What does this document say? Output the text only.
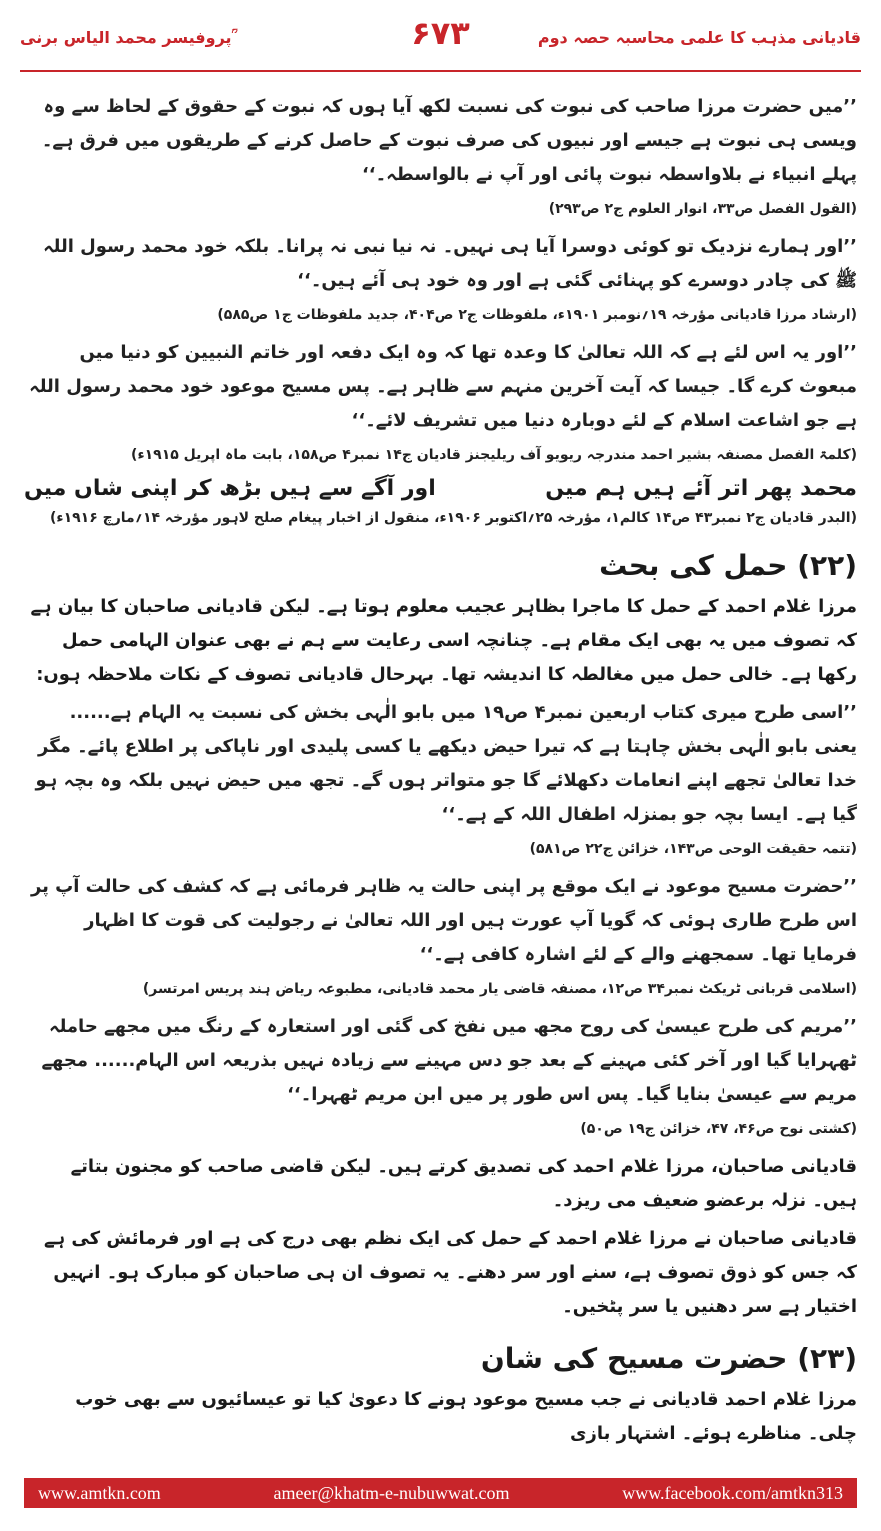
پروفیسر محمد الیاس برنی ؒ	۶۷۳	قادیانی مذہب کا علمی محاسبہ حصہ دوم

’’میں حضرت مرزا صاحب کی نبوت کی نسبت لکھ آیا ہوں کہ نبوت کے حقوق کے لحاظ سے وہ ویسی ہی نبوت ہے جیسے اور نبیوں کی صرف نبوت کے حاصل کرنے کے طریقوں میں فرق ہے۔ پہلے انبیاء نے بلاواسطہ نبوت پائی اور آپ نے بالواسطہ۔‘‘

(القول الفصل ص۳۳، انوار العلوم ج۲ ص۲۹۳)

’’اور ہمارے نزدیک تو کوئی دوسرا آیا ہی نہیں۔ نہ نیا نبی نہ پرانا۔ بلکہ خود محمد رسول اللہ ﷺ کی چادر دوسرے کو پہنائی گئی ہے اور وہ خود ہی آئے ہیں۔‘‘

(ارشاد مرزا قادیانی مؤرخہ ۱۹؍نومبر ۱۹۰۱ء، ملفوظات ج۲ ص۴۰۴، جدید ملفوظات ج۱ ص۵۸۵)

’’اور یہ اس لئے ہے کہ اللہ تعالیٰ کا وعدہ تھا کہ وہ ایک دفعہ اور خاتم النبیین کو دنیا میں مبعوث کرے گا۔ جیسا کہ آیت آخرین منہم سے ظاہر ہے۔ پس مسیح موعود خود محمد رسول اللہ ہے جو اشاعت اسلام کے لئے دوبارہ دنیا میں تشریف لائے۔‘‘

(کلمۃ الفصل مصنفہ بشیر احمد مندرجہ ریویو آف ریلیجنز قادیان ج۱۴ نمبر۴ ص۱۵۸، بابت ماہ اپریل ۱۹۱۵ء)

محمد پھر اتر آئے ہیں ہم میں
اور آگے سے ہیں بڑھ کر اپنی شاں میں

(البدر قادیان ج۲ نمبر۴۳ ص۱۴ کالم۱، مؤرخہ ۲۵؍اکتوبر ۱۹۰۶ء، منقول از اخبار پیغام صلح لاہور مؤرخہ ۱۴؍مارچ ۱۹۱۶ء)

(۲۲) حمل کی بحث

مرزا غلام احمد کے حمل کا ماجرا بظاہر عجیب معلوم ہوتا ہے۔ لیکن قادیانی صاحبان کا بیان ہے کہ تصوف میں یہ بھی ایک مقام ہے۔ چنانچہ اسی رعایت سے ہم نے بھی عنوان الہامی حمل رکھا ہے۔ خالی حمل میں مغالطہ کا اندیشہ تھا۔ بہرحال قادیانی تصوف کے نکات ملاحظہ ہوں:

’’اسی طرح میری کتاب اربعین نمبر۴ ص۱۹ میں بابو الٰہی بخش کی نسبت یہ الہام ہے...... یعنی بابو الٰہی بخش چاہتا ہے کہ تیرا حیض دیکھے یا کسی پلیدی اور ناپاکی پر اطلاع پائے۔ مگر خدا تعالیٰ تجھے اپنے انعامات دکھلائے گا جو متواتر ہوں گے۔ تجھ میں حیض نہیں بلکہ وہ بچہ ہو گیا ہے۔ ایسا بچہ جو بمنزلہ اطفال اللہ کے ہے۔‘‘

(تتمہ حقیقت الوحی ص۱۴۳، خزائن ج۲۲ ص۵۸۱)

’’حضرت مسیح موعود نے ایک موقع پر اپنی حالت یہ ظاہر فرمائی ہے کہ کشف کی حالت آپ پر اس طرح طاری ہوئی کہ گویا آپ عورت ہیں اور اللہ تعالیٰ نے رجولیت کی قوت کا اظہار فرمایا تھا۔ سمجھنے والے کے لئے اشارہ کافی ہے۔‘‘

(اسلامی قربانی ٹریکٹ نمبر۳۴ ص۱۲، مصنفہ قاضی یار محمد قادیانی، مطبوعہ ریاض ہند پریس امرتسر)

’’مریم کی طرح عیسیٰ کی روح مجھ میں نفخ کی گئی اور استعارہ کے رنگ میں مجھے حاملہ ٹھہرایا گیا اور آخر کئی مہینے کے بعد جو دس مہینے سے زیادہ نہیں بذریعہ اس الہام...... مجھے مریم سے عیسیٰ بنایا گیا۔ پس اس طور پر میں ابن مریم ٹھہرا۔‘‘

(کشتی نوح ص۴۶، ۴۷، خزائن ج۱۹ ص۵۰)

قادیانی صاحبان، مرزا غلام احمد کی تصدیق کرتے ہیں۔ لیکن قاضی صاحب کو مجنون بتاتے ہیں۔ نزلہ برعضو ضعیف می ریزد۔

قادیانی صاحبان نے مرزا غلام احمد کے حمل کی ایک نظم بھی درج کی ہے اور فرمائش کی ہے کہ جس کو ذوق تصوف ہے، سنے اور سر دھنے۔ یہ تصوف ان ہی صاحبان کو مبارک ہو۔ انہیں اختیار ہے سر دھنیں یا سر پٹخیں۔

(۲۳) حضرت مسیح کی شان

مرزا غلام احمد قادیانی نے جب مسیح موعود ہونے کا دعویٰ کیا تو عیسائیوں سے بھی خوب چلی۔ مناظرے ہوئے۔ اشتہار بازی

www.amtkn.com	ameer@khatm-e-nubuwwat.com	www.facebook.com/amtkn313
